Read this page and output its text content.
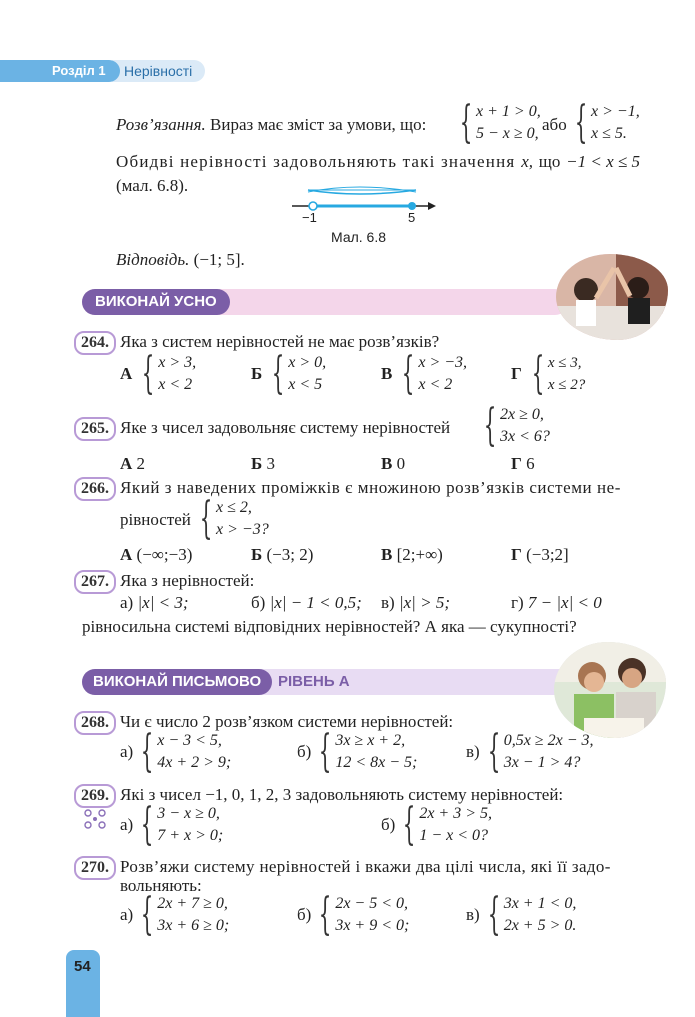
Розділ 1 Нерівності
Розв’язання. Вираз має зміст за умови, що: { x + 1 > 0,
5 − x ≥ 0, або { x > −1,
x ≤ 5.
Обидві нерівності задовольняють такі значення x, що −1 < x ≤ 5
(мал. 6.8).
−1	5
Мал. 6.8
Відповідь. (−1; 5].
ВИКОНАЙ УСНО
264. Яка з систем нерівностей не має розв’язків?
А { x > 3,
x < 2
Б { x > 0,
x < 5
В { x > −3,
x < 2
Г { x ≤ 3,
x ≤ 2?
265. Яке з чисел задовольняє систему нерівностей { 2x ≥ 0,
3x < 6?
А 2	Б 3	В 0	Г 6
266. Який з наведених проміжків є множиною розв’язків системи не-
рівностей { x ≤ 2,
x > −3?
А (−∞;−3)	Б (−3; 2)	В [2;+∞)	Г (−3;2]
267. Яка з нерівностей:
а) |x| < 3;	б) |x| − 1 < 0,5; в) |x| > 5;	г) 7 − |x| < 0
рівносильна системі відповідних нерівностей? А яка — сукупності?
ВИКОНАЙ ПИСЬМОВО РІВЕНЬ А
268. Чи є число 2 розв’язком системи нерівностей:
а) { x − 3 < 5,
4x + 2 > 9;
б) { 3x ≥ x + 2,
12 < 8x − 5;
в) { 0,5x ≥ 2x − 3,
3x − 1 > 4?
269. Які з чисел −1, 0, 1, 2, 3 задовольняють систему нерівностей:
а) { 3 − x ≥ 0,
7 + x > 0;
б) { 2x + 3 > 5,
1 − x < 0?
270. Розв’яжи систему нерівностей і вкажи два цілі числа, які її задо-
вольняють:
а) { 2x + 7 ≥ 0,
3x + 6 ≥ 0;
б) { 2x − 5 < 0,
3x + 9 < 0;
в) { 3x + 1 < 0,
2x + 5 > 0.
54
